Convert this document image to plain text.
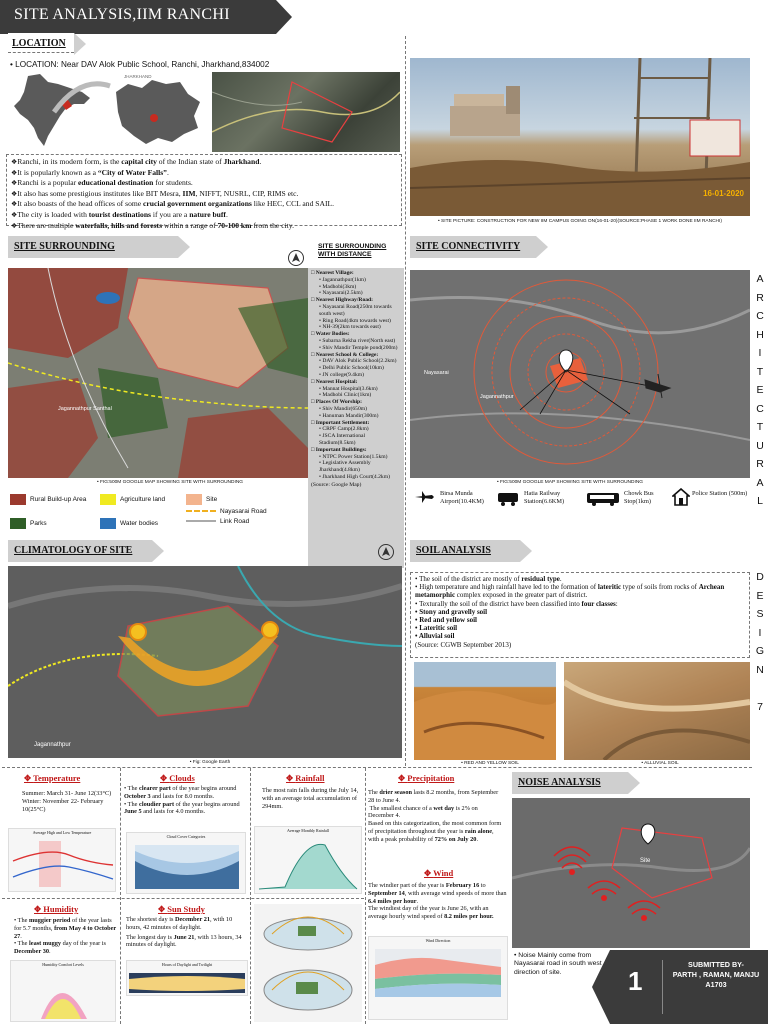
SITE ANALYSIS,IIM RANCHI
LOCATION
• LOCATION: Near DAV Alok Public School, Ranchi, Jharkhand,834002
JHARKHAND
❖ Ranchi, in its modern form, is the capital city of the Indian state of Jharkhand.
❖ It is popularly known as a “City of Water Falls”.
❖ Ranchi is a popular educational destination for students.
❖ It also has some prestigious institutes like BIT Mesra, IIM, NIFFT, NUSRL, CIP, RIMS etc.
❖ It also boasts of the head offices of some crucial government organizations like HEC, CCL and SAIL.
❖ The city is loaded with tourist destinations if you are a nature buff.
❖ There are multiple waterfalls, hills and forests within a range of 70-100 km from the city.
16-01-2020
• SITE PICTURE: CONSTRUCTION FOR NEW IIM CAMPUS GOING ON(16-01-20)(SOURCE:PHASE 1 WORK DONE IIM RANCHI)
SITE SURROUNDING	SITE SURROUNDING WITH DISTANCE
Jagannathpur Santhal
• FIG:500M GOOGLE MAP SHOWING SITE WITH SURROUNDING
□ Nearest Village:
• Jagannathpur(1km)
• Madhobi(3km)
• Nayasarai(2.5km)
□ Nearest Highway/Road:
• Nayasarai Road(250m towards south west)
• Ring Road(4km towards west)
• NH-39(2km towards east)
□ Water Bodies:
• Subarna Rekha river(North east)
• Shiv Mandir Temple pond(200m)
□ Nearest School & College:
• DAV Alok Public School(2.2km)
• Delhi Public School(10km)
• JN college(9.4km)
□ Nearest Hospital:
• Mannat Hospital(3.6km)
• Madhobi Clinic(1km)
□ Places Of Worship:
• Shiv Mandir(650m)
• Hanuman Mandir(300m)
□ Important Settlement:
• CRPF Camp(2.8km)
• JSCA International Stadium(8.5km)
□ Important Buildings:
• NTPC Power Station(1.5km)
• Legislative Assembly Jharkhand(4.8km)
• Jharkhand High Court(4.2km)
(Source: Google Map)
Rural Build-up Area	Agriculture land	Site
Parks	Water bodies
Nayasarai Road
Link Road
SITE CONNECTIVITY
Nayasarai
Jagannathpur
• FIG:500M GOOGLE MAP SHOWING SITE WITH SURROUNDING
Birsa Munda Airport(10.4KM)
Hatia Railway Station(6.6KM)
Chowk Bus Stop(1km)
Police Station (500m)
CLIMATOLOGY OF SITE
Jagannathpur
• Fig: Google Earth
SOIL ANALYSIS
• The soil of the district are mostly of residual type.
• High temperature and high rainfall have led to the formation of lateritic type of soils from rocks of Archean metamorphic complex exposed in the greater part of district.
• Texturally the soil of the district have been classified into four classes:
• Stony and gravelly soil
• Red and yellow soil
• Lateritic soil
• Alluvial soil
(Source: CGWB September 2013)
• RED AND YELLOW SOIL	• ALLUVIAL SOIL
✥ Temperature
Summer: March 31- June 12(33°C) Winter: November 22- February 10(25°C)
Average High and Low Temperature
✥ Clouds
• The clearer part of the year begins around October 3 and lasts for 8.0 months.
• The cloudier part of the year begins around June 5 and lasts for 4.0 months.
Cloud Cover Categories
✥ Rainfall
The most rain falls during the July 14, with an average total accumulation of 294mm.
Average Monthly Rainfall
✥ Humidity
• The muggier period of the year lasts for 5.7 months, from May 4 to October 27.
• The least muggy day of the year is December 30.
Humidity Comfort Levels
✥ Sun Study
The shortest day is December 21, with 10 hours, 42 minutes of daylight.
The longest day is June 21, with 13 hours, 34 minutes of daylight.
Hours of Daylight and Twilight
✥ Precipitation
The drier season lasts 8.2 months, from September 28 to June 4.
The smallest chance of a wet day is 2% on December 4.
Based on this categorization, the most common form of precipitation throughout the year is rain alone, with a peak probability of 72% on July 20.
✥ Wind
The windier part of the year is February 16 to September 14, with average wind speeds of more than 6.4 miles per hour.
The windiest day of the year is June 26, with an average hourly wind speed of 8.2 miles per hour.
Wind Direction
NOISE ANALYSIS
Site
• Noise Mainly come from Nayasarai road in south west direction of site.
A
R
C
H
I
T
E
C
T
U
R
A
L
D
E
S
I
G
N

7
1
SUBMITTED BY-
PARTH , RAMAN, MANJU
A1703
